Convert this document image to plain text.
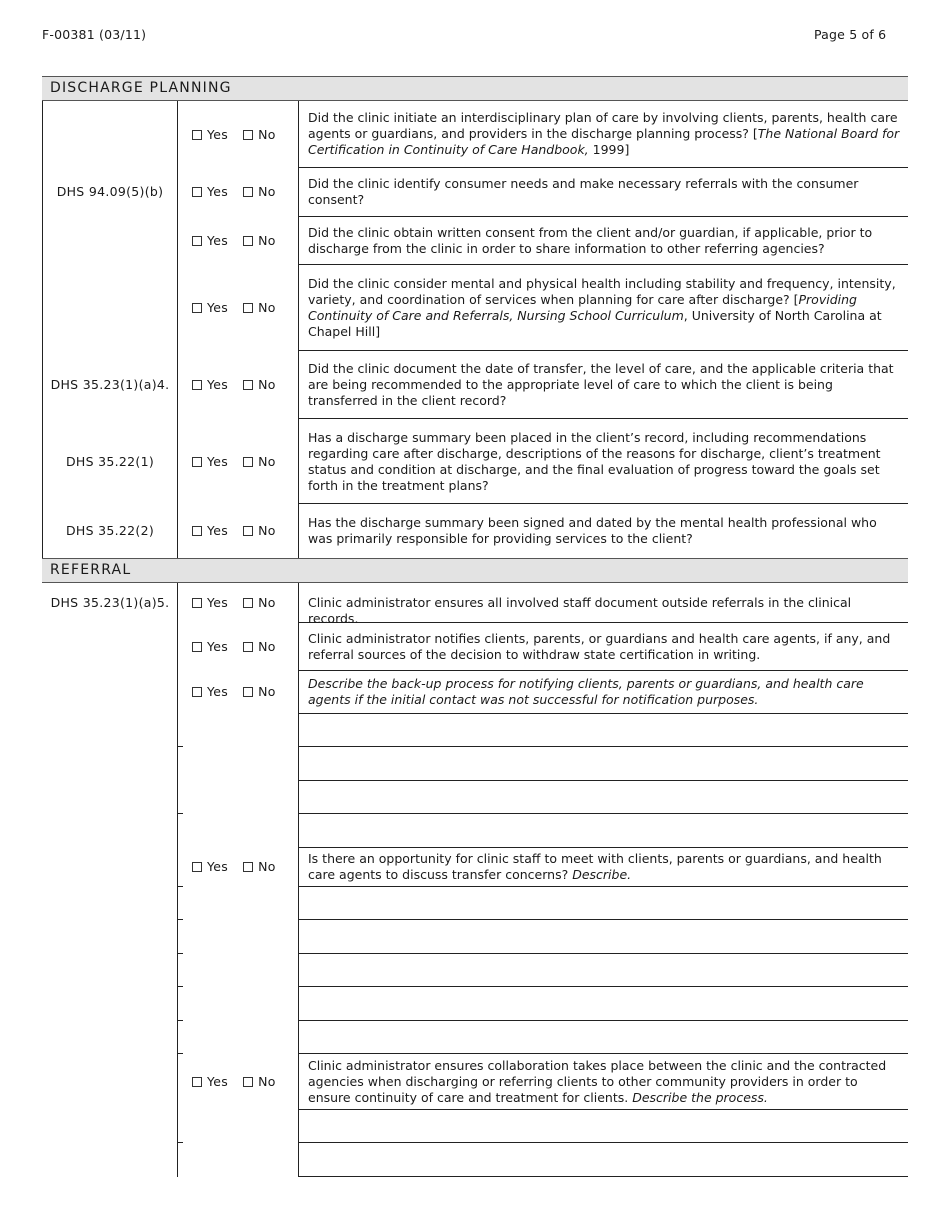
F-00381 (03/11)	Page 5 of 6
DISCHARGE PLANNING
REFERRAL
DHS 94.09(5)(b)
DHS 35.23(1)(a)4.
DHS 35.22(1)
DHS 35.22(2)
DHS 35.23(1)(a)5.
Yes No
Yes No
Yes No
Yes No
Yes No
Yes No
Yes No
Yes No
Yes No
Yes No
Yes No
Yes No
Did the clinic initiate an interdisciplinary plan of care by involving clients, parents, health care agents or guardians, and providers in the discharge planning process? [The National Board for Certification in Continuity of Care Handbook, 1999]
Did the clinic identify consumer needs and make necessary referrals with the consumer consent?
Did the clinic obtain written consent from the client and/or guardian, if applicable, prior to discharge from the clinic in order to share information to other referring agencies?
Did the clinic consider mental and physical health including stability and frequency, intensity, variety, and coordination of services when planning for care after discharge? [Providing Continuity of Care and Referrals, Nursing School Curriculum, University of North Carolina at Chapel Hill]
Did the clinic document the date of transfer, the level of care, and the applicable criteria that are being recommended to the appropriate level of care to which the client is being transferred in the client record?
Has a discharge summary been placed in the client’s record, including recommendations regarding care after discharge, descriptions of the reasons for discharge, client’s treatment status and condition at discharge, and the final evaluation of progress toward the goals set forth in the treatment plans?
Has the discharge summary been signed and dated by the mental health professional who was primarily responsible for providing services to the client?
Clinic administrator ensures all involved staff document outside referrals in the clinical records.
Clinic administrator notifies clients, parents, or guardians and health care agents, if any, and referral sources of the decision to withdraw state certification in writing.
Describe the back-up process for notifying clients, parents or guardians, and health care agents if the initial contact was not successful for notification purposes.
Is there an opportunity for clinic staff to meet with clients, parents or guardians, and health care agents to discuss transfer concerns? Describe.
Clinic administrator ensures collaboration takes place between the clinic and the contracted agencies when discharging or referring clients to other community providers in order to ensure continuity of care and treatment for clients. Describe the process.
